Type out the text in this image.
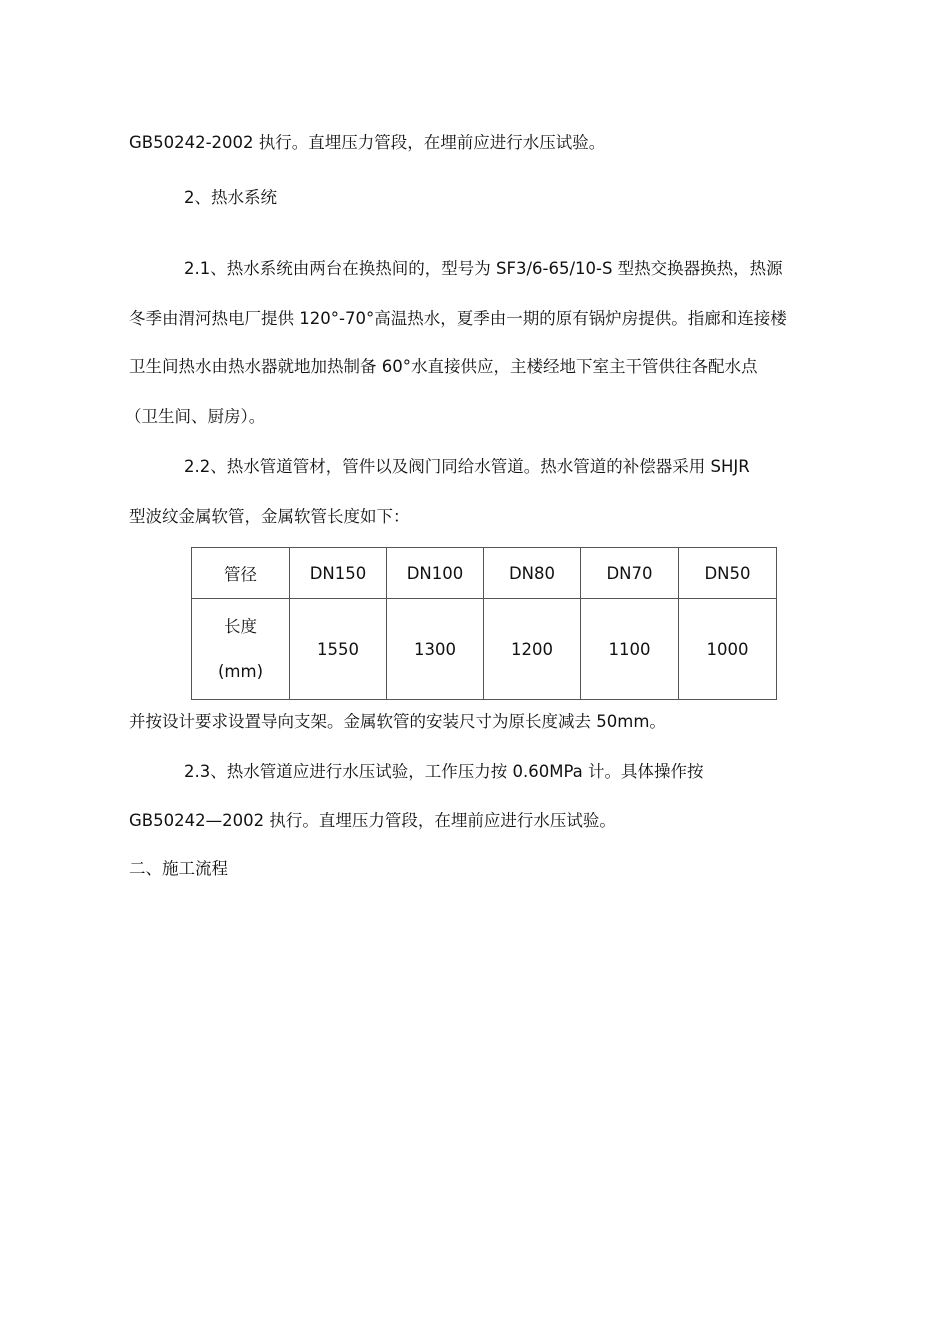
GB50242-2002 执行。直埋压力管段，在埋前应进行水压试验。
2、热水系统
2.1、热水系统由两台在换热间的，型号为 SF3/6-65/10-S 型热交换器换热，热源
冬季由渭河热电厂提供 120°-70°高温热水，夏季由一期的原有锅炉房提供。指廊和连接楼
卫生间热水由热水器就地加热制备 60°水直接供应，主楼经地下室主干管供往各配水点
（卫生间、厨房）。
2.2、热水管道管材，管件以及阀门同给水管道。热水管道的补偿器采用 SHJR
型波纹金属软管，金属软管长度如下：
管径	DN150	DN100	DN80	DN70	DN50

长度
(mm)	1550	1300	1200	1100	1000
并按设计要求设置导向支架。金属软管的安装尺寸为原长度减去 50mm。
2.3、热水管道应进行水压试验，工作压力按 0.60MPa 计。具体操作按
GB50242—2002 执行。直埋压力管段，在埋前应进行水压试验。
二、施工流程
